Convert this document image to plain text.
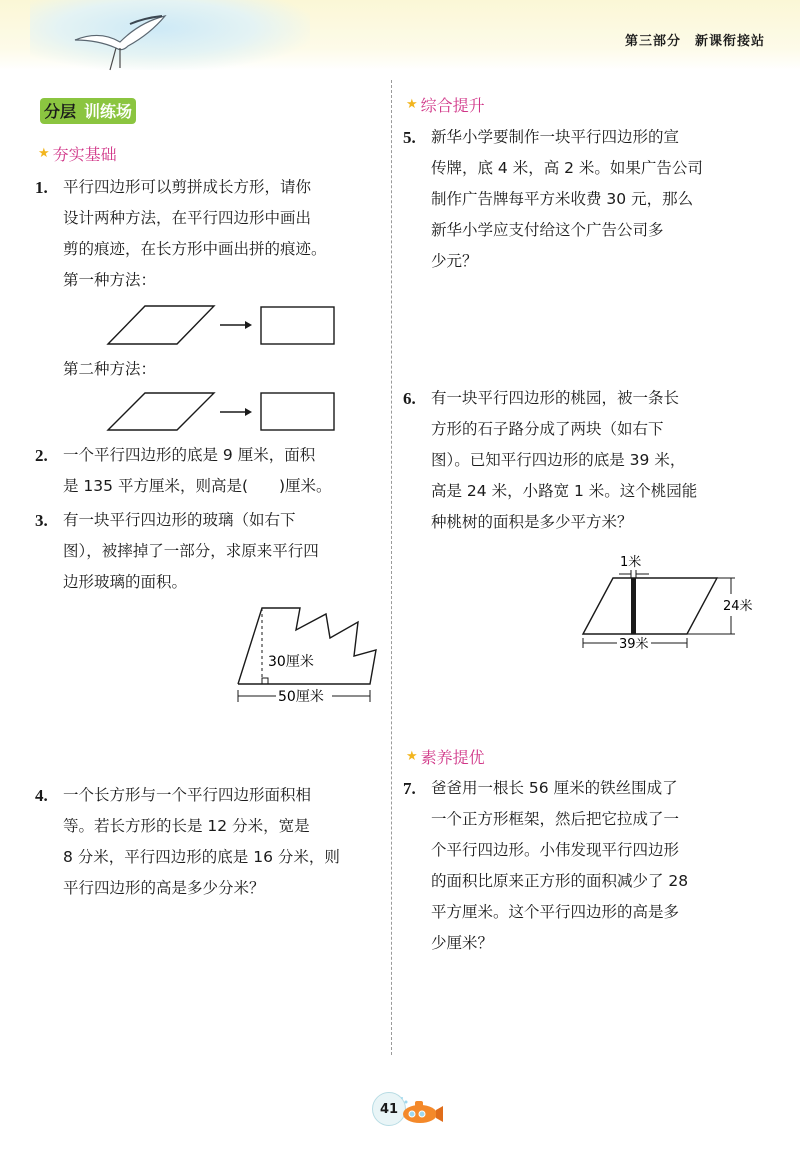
第三部分 新课衔接站
分层 训练场
★ 夯实基础
1. 平行四边形可以剪拼成长方形，请你
设计两种方法，在平行四边形中画出
剪的痕迹，在长方形中画出拼的痕迹。
第一种方法：
第二种方法：
2. 一个平行四边形的底是 9 厘米，面积
是 135 平方厘米，则高是(　　)厘米。
3. 有一块平行四边形的玻璃（如右下
图），被摔掉了一部分，求原来平行四
边形玻璃的面积。
30厘米
50厘米
4. 一个长方形与一个平行四边形面积相
等。若长方形的长是 12 分米，宽是
8 分米，平行四边形的底是 16 分米，则
平行四边形的高是多少分米？
★ 综合提升
5. 新华小学要制作一块平行四边形的宣
传牌，底 4 米，高 2 米。如果广告公司
制作广告牌每平方米收费 30 元，那么
新华小学应支付给这个广告公司多
少元？
6. 有一块平行四边形的桃园，被一条长
方形的石子路分成了两块（如右下
图）。已知平行四边形的底是 39 米，
高是 24 米，小路宽 1 米。这个桃园能
种桃树的面积是多少平方米？
1米
24米
39米
★ 素养提优
7. 爸爸用一根长 56 厘米的铁丝围成了
一个正方形框架，然后把它拉成了一
个平行四边形。小伟发现平行四边形
的面积比原来正方形的面积减少了 28
平方厘米。这个平行四边形的高是多
少厘米？
41
